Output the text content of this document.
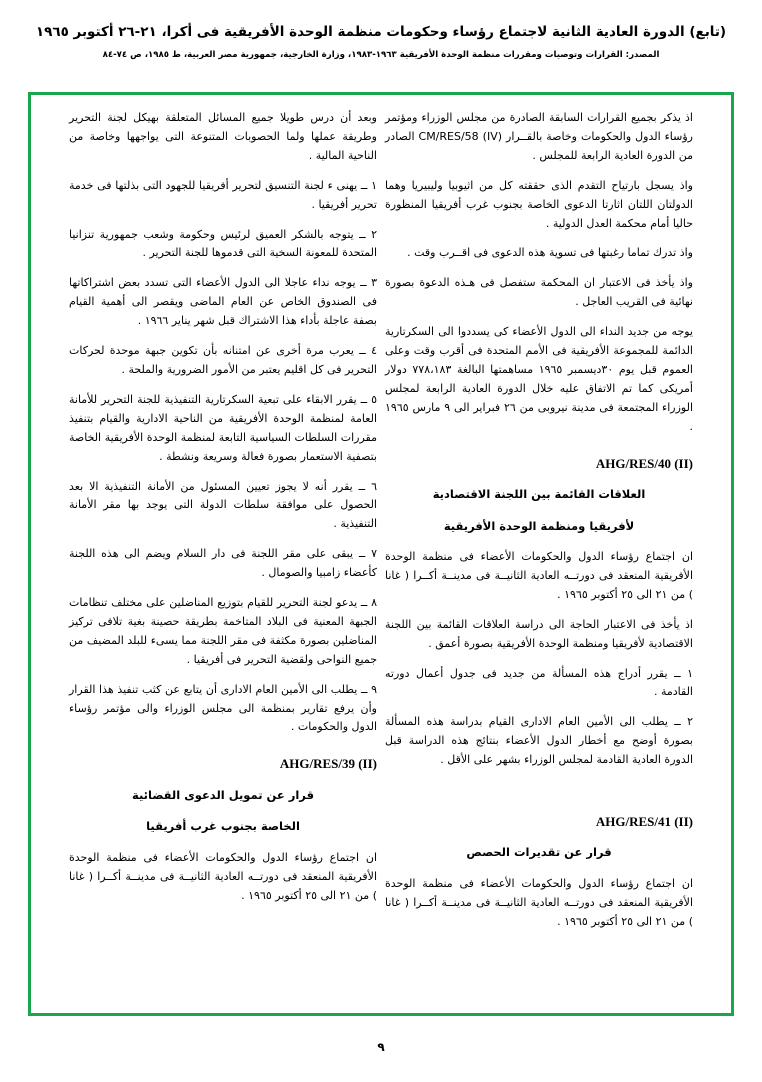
(تابع) الدورة العادية الثانية لاجتماع رؤساء وحكومات منظمة الوحدة الأفريقية فى أكرا، ٢١-٢٦ أكتوبر ١٩٦٥
المصدر: القرارات وتوصيات ومقررات منظمة الوحدة الأفريقية ١٩٦٣-١٩٨٣، وزارة الخارجية، جمهورية مصر العربية، ط ١٩٨٥، ص ٧٤-٨٤

وبعد أن درس طويلا جميع المسائل المتعلقة بهيكل لجنة التحرير وطريقة عملها ولما الحصوبات المتنوعة التى يواجهها وخاصة من الناحية المالية .

١ ــ يهنى ء لجنة التنسيق لتحرير أفريقيا للجهود التى بذلتها فى خدمة تحرير أفريقيا .

٢ ــ يتوجه بالشكر العميق لرئيس وحكومة وشعب جمهورية تنزانيا المتحدة للمعونة السخية التى قدموها للجنة التحرير .

٣ ــ يوجه نداء عاجلا الى الدول الأعضاء التى تسدد بعض اشتراكاتها فى الصندوق الخاص عن العام الماضى ويقصر الى أهمية القيام بصفة عاجلة بأداء هذا الاشتراك قبل شهر يناير ١٩٦٦ .

٤ ــ يعرب مرة أخرى عن امتنانه بأن تكوين جبهة موحدة لحركات التحرير فى كل اقليم يعتبر من الأمور الضرورية والملحة .

٥ ــ يقرر الابقاء على تبعية السكرتارية التنفيذية للجنة التحرير للأمانة العامة لمنظمة الوحدة الأفريقية من الناحية الادارية والقيام بتنفيذ مقررات السلطات السياسية التابعة لمنظمة الوحدة الأفريقية الخاصة بتصفية الاستعمار بصورة فعالة وسريعة ونشطة .

٦ ــ يقرر أنه لا يجوز تعيين المسئول من الأمانة التنفيذية الا بعد الحصول على موافقة سلطات الدولة التى يوجد بها مقر الأمانة التنفيذية .

٧ ــ يبقى على مقر اللجنة فى دار السلام ويضم الى هذه اللجنة كأعضاء زامبيا والصومال .

٨ ــ يدعو لجنة التحرير للقيام بتوزيع المناضلين على مختلف تنظامات الجبهة المعنية فى البلاد المتاخمة بطريقة حصينة بغية تلافى تركيز المناضلين بصورة مكثفة فى مقر اللجنة مما يسىء للبلد المضيف من جميع النواحى ولقضية التحرير فى أفريقيا .

٩ ــ يطلب الى الأمين العام الادارى أن يتابع عن كثب تنفيذ هذا القرار وأن يرفع تقارير بمنظمة الى مجلس الوزراء والى مؤتمر رؤساء الدول والحكومات .

AHG/RES/39 (II)
قرار عن تمويل الدعوى القضائية
الخاصة بجنوب غرب أفريقيا

ان اجتماع رؤساء الدول والحكومات الأعضاء فى منظمة الوحدة الأفريقية المنعقد فى دورتــه العادية الثانيــة فى مدينــة أكــرا ( غانا ) من ٢١ الى ٢٥ أكتوبر ١٩٦٥ .

اذ يذكر بجميع القرارات السابقة الصادرة من مجلس الوزراء ومؤتمر رؤساء الدول والحكومات وخاصة بالقــرار (CM/RES/58 (IV الصادر من الدورة العادية الرابعة للمجلس .

واذ يسجل بارتياح التقدم الذى حققته كل من اثيوبيا وليبيريا وهما الدولتان اللتان اثارتا الدعوى الخاصة بجنوب غرب أفريقيا المنظورة حاليا أمام محكمة العدل الدولية .

واذ تدرك تماما رغبتها فى تسوية هذه الدعوى فى اقــرب وقت .

واذ يأخذ فى الاعتبار ان المحكمة ستفصل فى هـذه الدعوة بصورة نهائية فى القريب العاجل .

يوجه من جديد النداء الى الدول الأعضاء كى يسددوا الى السكرتارية الدائمة للمجموعة الأفريقية فى الأمم المتحدة فى أقرب وقت وعلى العموم قبل يوم ٣٠ديسمبر ١٩٦٥ مساهمتها البالغة ٧٧٨،١٨٣ دولار أمريكى كما تم الاتفاق عليه خلال الدورة العادية الرابعة لمجلس الوزراء المجتمعة فى مدينة نيروبى من ٢٦ فبراير الى ٩ مارس ١٩٦٥ .

AHG/RES/40 (II)
العلاقات القائمة بين اللجنة الاقتصادية
لأفريقيا ومنظمة الوحدة الأفريقية

ان اجتماع رؤساء الدول والحكومات الأعضاء فى منظمة الوحدة الأفريقية المنعقد فى دورتــه العادية الثانيــة فى مدينــة أكــرا ( غانا ) من ٢١ الى ٢٥ أكتوبر ١٩٦٥ .

اذ يأخذ فى الاعتبار الحاجة الى دراسة العلاقات القائمة بين اللجنة الاقتصادية لأفريقيا ومنظمة الوحدة الأفريقية بصورة أعمق .

١ ــ يقرر أدراج هذه المسألة من جديد فى جدول أعمال دورته القادمة .

٢ ــ يطلب الى الأمين العام الادارى القيام بدراسة هذه المسألة بصورة أوضح مع أخطار الدول الأعضاء بنتائج هذه الدراسة قبل الدورة العادية القادمة لمجلس الوزراء بشهر على الأقل .

AHG/RES/41 (II)
قرار عن تقديرات الحصص

ان اجتماع رؤساء الدول والحكومات الأعضاء فى منظمة الوحدة الأفريقية المنعقد فى دورتــه العادية الثانيــة فى مدينــة أكــرا ( غانا ) من ٢١ الى ٢٥ أكتوبر ١٩٦٥ .

٩
